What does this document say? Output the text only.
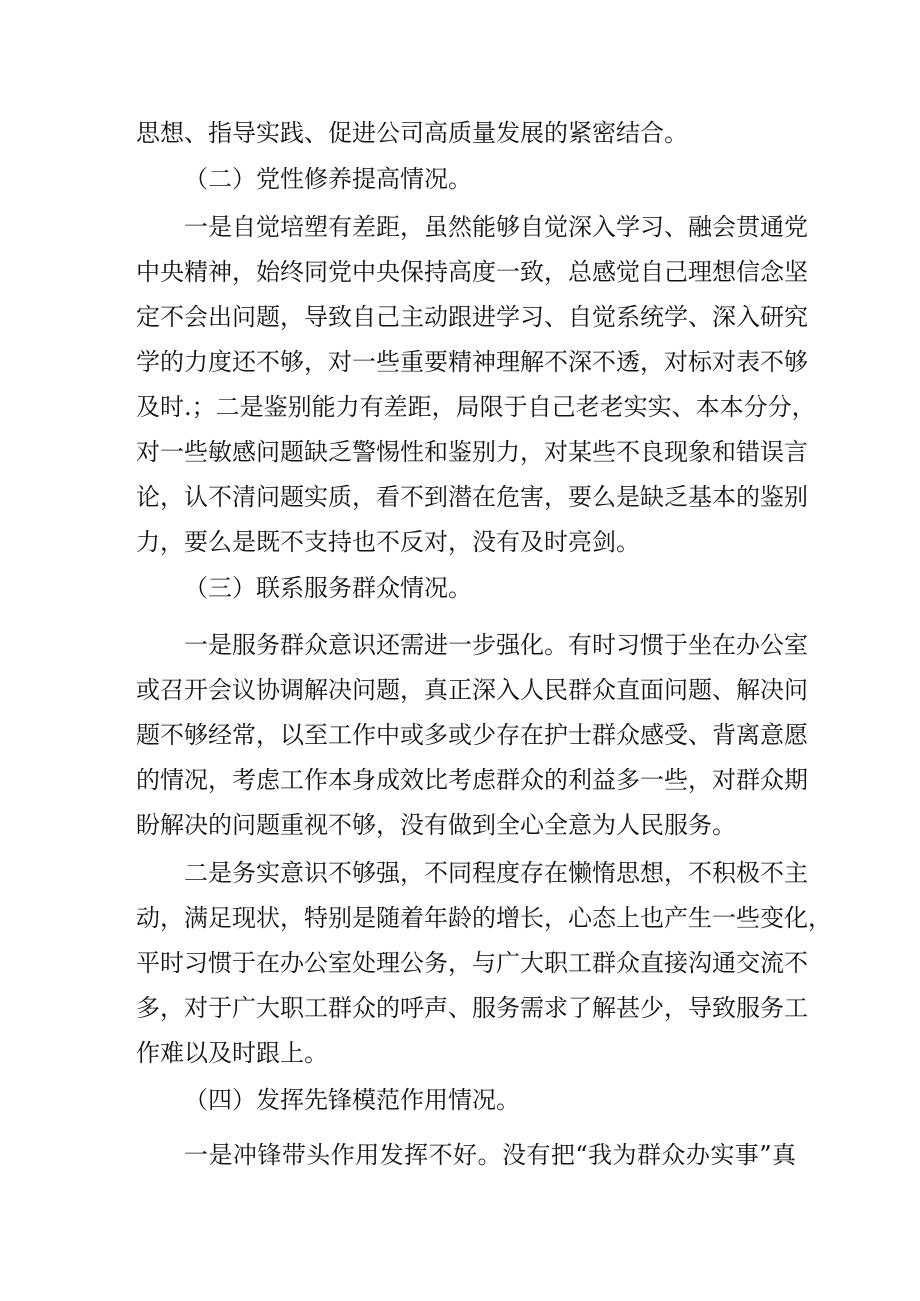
思想、指导实践、促进公司高质量发展的紧密结合。
（二）党性修养提高情况。
一是自觉培塑有差距，虽然能够自觉深入学习、融会贯通党
中央精神，始终同党中央保持高度一致，总感觉自己理想信念坚
定不会出问题，导致自己主动跟进学习、自觉系统学、深入研究
学的力度还不够，对一些重要精神理解不深不透，对标对表不够
及时.；二是鉴别能力有差距，局限于自己老老实实、本本分分，
对一些敏感问题缺乏警惕性和鉴别力，对某些不良现象和错误言
论，认不清问题实质，看不到潜在危害，要么是缺乏基本的鉴别
力，要么是既不支持也不反对，没有及时亮剑。
（三）联系服务群众情况。
一是服务群众意识还需进一步强化。有时习惯于坐在办公室
或召开会议协调解决问题，真正深入人民群众直面问题、解决问
题不够经常，以至工作中或多或少存在护士群众感受、背离意愿
的情况，考虑工作本身成效比考虑群众的利益多一些，对群众期
盼解决的问题重视不够，没有做到全心全意为人民服务。
二是务实意识不够强，不同程度存在懒惰思想，不积极不主
动，满足现状，特别是随着年龄的增长，心态上也产生一些变化，
平时习惯于在办公室处理公务，与广大职工群众直接沟通交流不
多，对于广大职工群众的呼声、服务需求了解甚少，导致服务工
作难以及时跟上。
（四）发挥先锋模范作用情况。
一是冲锋带头作用发挥不好。没有把“我为群众办实事”真
